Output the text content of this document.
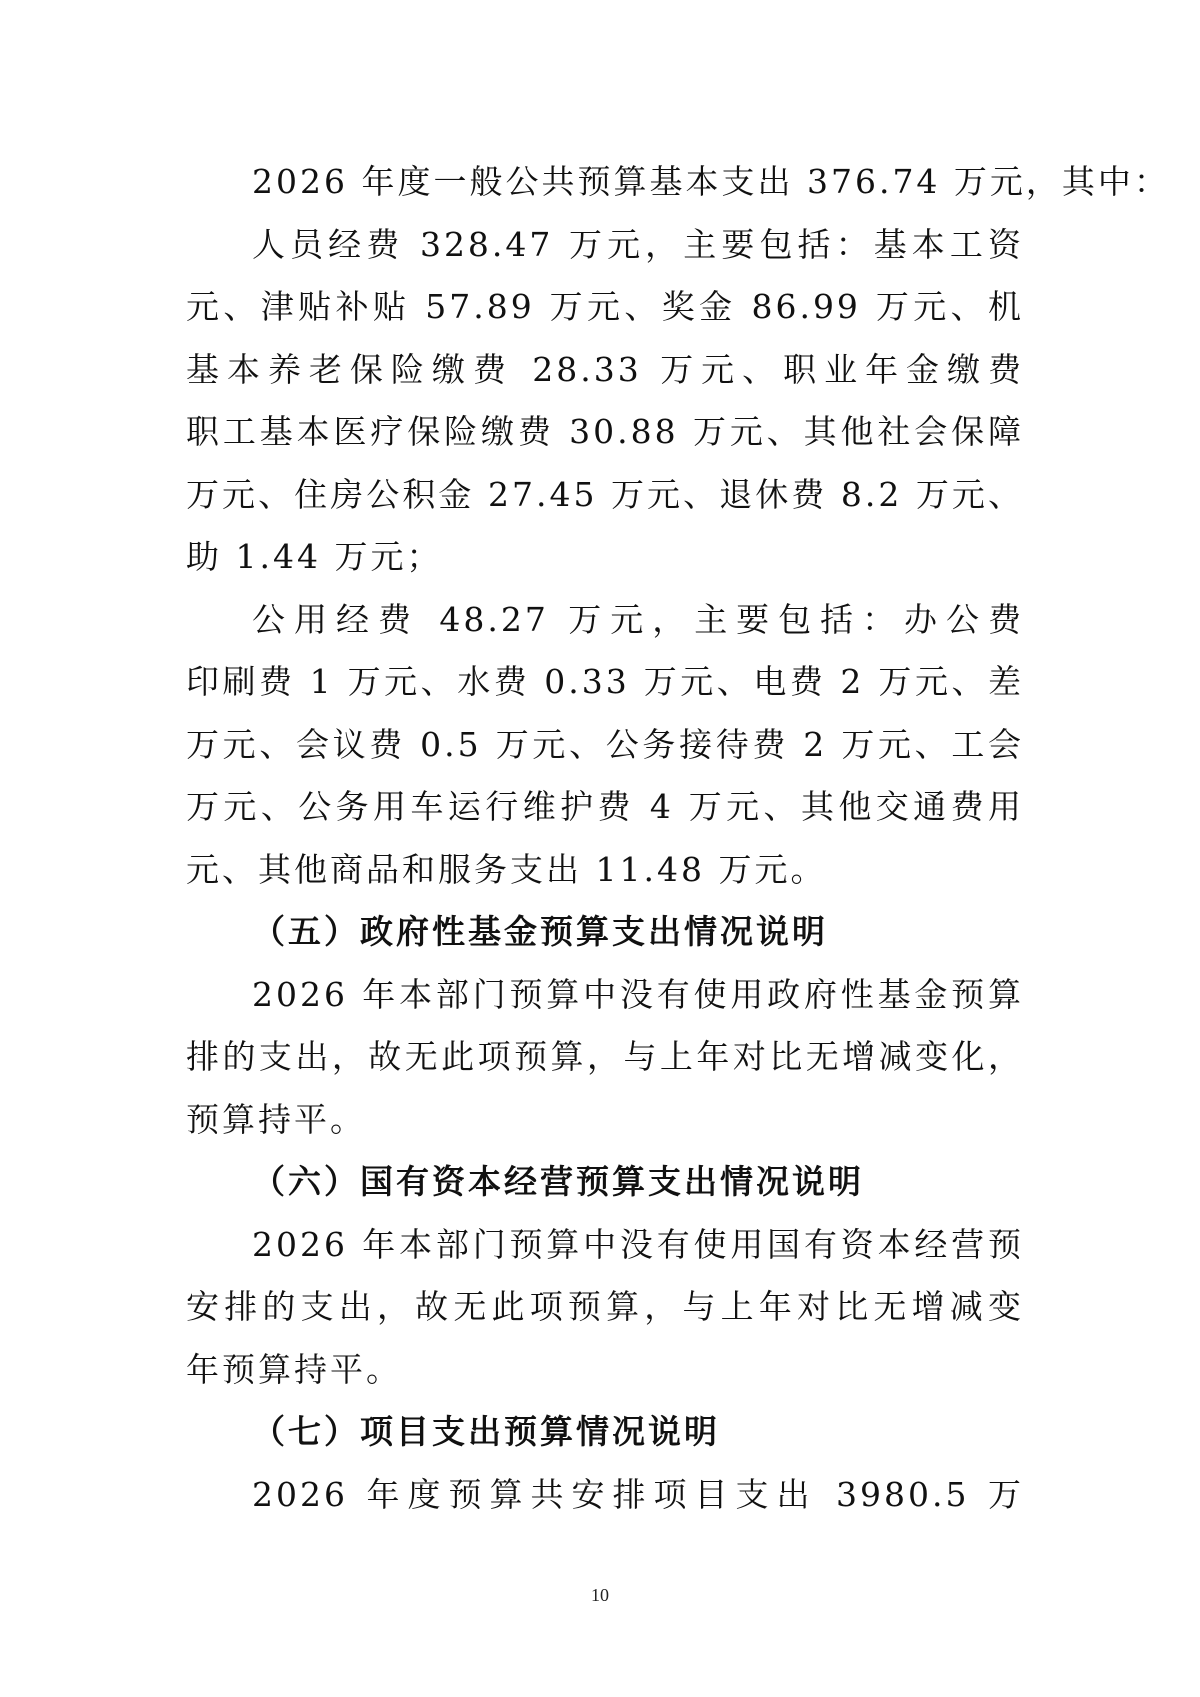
2026 年度一般公共预算基本支出 376.74 万元，其中：
人员经费 328.47 万元，主要包括：基本工资
元、津贴补贴 57.89 万元、奖金 86.99 万元、机
基本养老保险缴费 28.33 万元、职业年金缴费
职工基本医疗保险缴费 30.88 万元、其他社会保障
万元、住房公积金 27.45 万元、退休费 8.2 万元、
助 1.44 万元；
公用经费 48.27 万元，主要包括：办公费
印刷费 1 万元、水费 0.33 万元、电费 2 万元、差
万元、会议费 0.5 万元、公务接待费 2 万元、工会
万元、公务用车运行维护费 4 万元、其他交通费用
元、其他商品和服务支出 11.48 万元。
（五）政府性基金预算支出情况说明
2026 年本部门预算中没有使用政府性基金预算
排的支出，故无此项预算，与上年对比无增减变化，
预算持平。
（六）国有资本经营预算支出情况说明
2026 年本部门预算中没有使用国有资本经营预
安排的支出，故无此项预算，与上年对比无增减变
年预算持平。
（七）项目支出预算情况说明
2026 年度预算共安排项目支出 3980.5 万
10
